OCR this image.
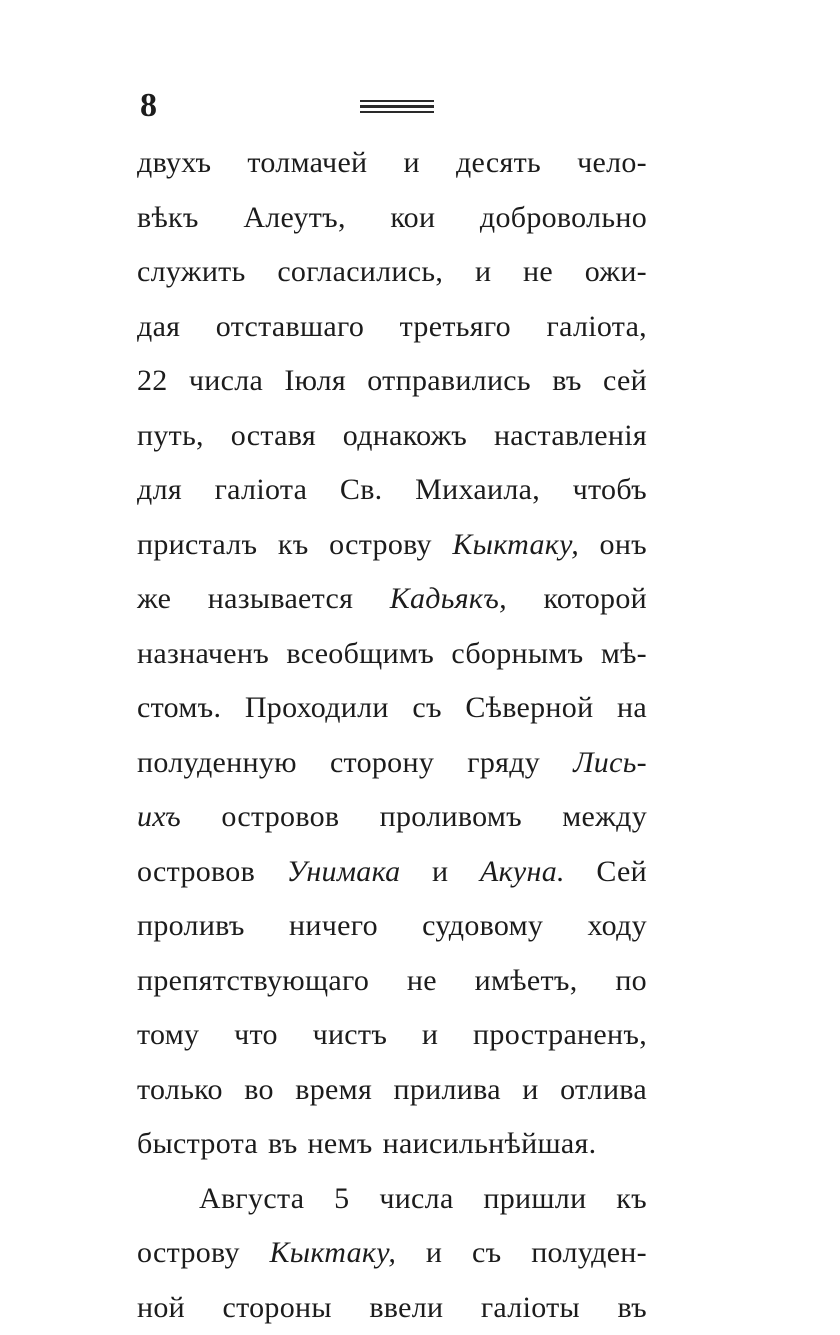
8
двухъ толмачей и десять чело-
вѣкъ Алеутъ, кои добровольно
служить согласились, и не ожи-
дая отставшаго третьяго галіота,
22 числа Іюля отправились въ сей
путь, оставя однакожъ наставленія
для галіота Св. Михаила, чтобъ
присталъ къ острову Кыктаку, онъ
же называется Кадьякъ, которой
назначенъ всеобщимъ сборнымъ мѣ-
стомъ. Проходили съ Сѣверной на
полуденную сторону гряду Лись-
ихъ островов проливомъ между
островов Унимака и Акуна. Сей
проливъ ничего судовому ходу
препятствующаго не имѣетъ, по
тому что чистъ и пространенъ,
только во время прилива и отлива
быстрота въ немъ наисильнѣйшая.
Августа 5 числа пришли къ
острову Кыктаку, и съ полуден-
ной стороны ввели галіоты въ
